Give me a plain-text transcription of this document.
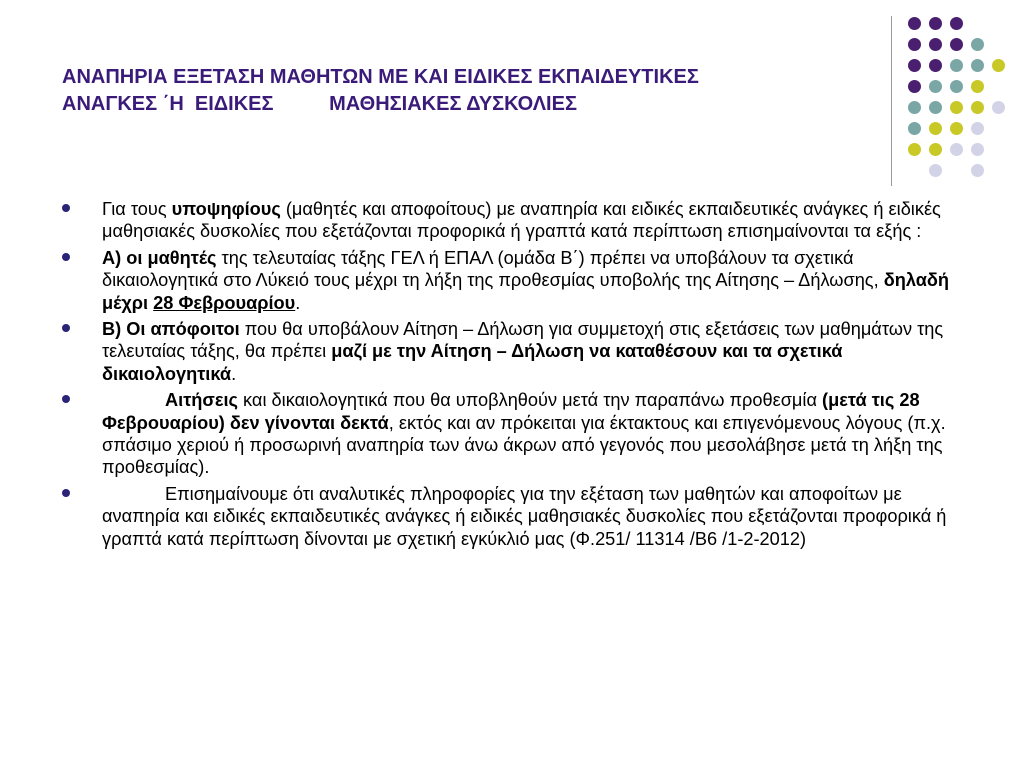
ΑΝΑΠΗΡΙΑ ΕΞΕΤΑΣΗ ΜΑΘΗΤΩΝ ΜΕ ΚΑΙ ΕΙΔΙΚΕΣ ΕΚΠΑΙΔΕΥΤΙΚΕΣ
ΑΝΑΓΚΕΣ ΄Η  ΕΙΔΙΚΕΣ          ΜΑΘΗΣΙΑΚΕΣ ΔΥΣΚΟΛΙΕΣ
Για τους υποψηφίους (μαθητές και αποφοίτους) με αναπηρία και ειδικές εκπαιδευτικές ανάγκες ή ειδικές μαθησιακές δυσκολίες που εξετάζονται προφορικά ή γραπτά κατά περίπτωση επισημαίνονται τα εξής :
Α) οι μαθητές της τελευταίας τάξης ΓΕΛ ή ΕΠΑΛ (ομάδα Β΄) πρέπει να υποβάλουν τα σχετικά δικαιολογητικά στο Λύκειό τους μέχρι τη λήξη της προθεσμίας υποβολής της Αίτησης – Δήλωσης, δηλαδή μέχρι 28 Φεβρουαρίου.
Β) Οι απόφοιτοι που θα υποβάλουν Αίτηση – Δήλωση για συμμετοχή στις εξετάσεις των μαθημάτων της τελευταίας τάξης, θα πρέπει μαζί με την Αίτηση – Δήλωση να καταθέσουν και τα σχετικά δικαιολογητικά.
Αιτήσεις και δικαιολογητικά που θα υποβληθούν μετά την παραπάνω προθεσμία (μετά τις 28 Φεβρουαρίου) δεν γίνονται δεκτά, εκτός και αν πρόκειται για έκτακτους και επιγενόμενους λόγους (π.χ. σπάσιμο χεριού ή προσωρινή αναπηρία των άνω άκρων από γεγονός που μεσολάβησε μετά τη λήξη της προθεσμίας).
Επισημαίνουμε ότι αναλυτικές πληροφορίες για την εξέταση των μαθητών και αποφοίτων με αναπηρία και ειδικές εκπαιδευτικές ανάγκες ή ειδικές μαθησιακές δυσκολίες που εξετάζονται προφορικά ή γραπτά κατά περίπτωση δίνονται με σχετική εγκύκλιό μας (Φ.251/ 11314 /Β6 /1-2-2012)
